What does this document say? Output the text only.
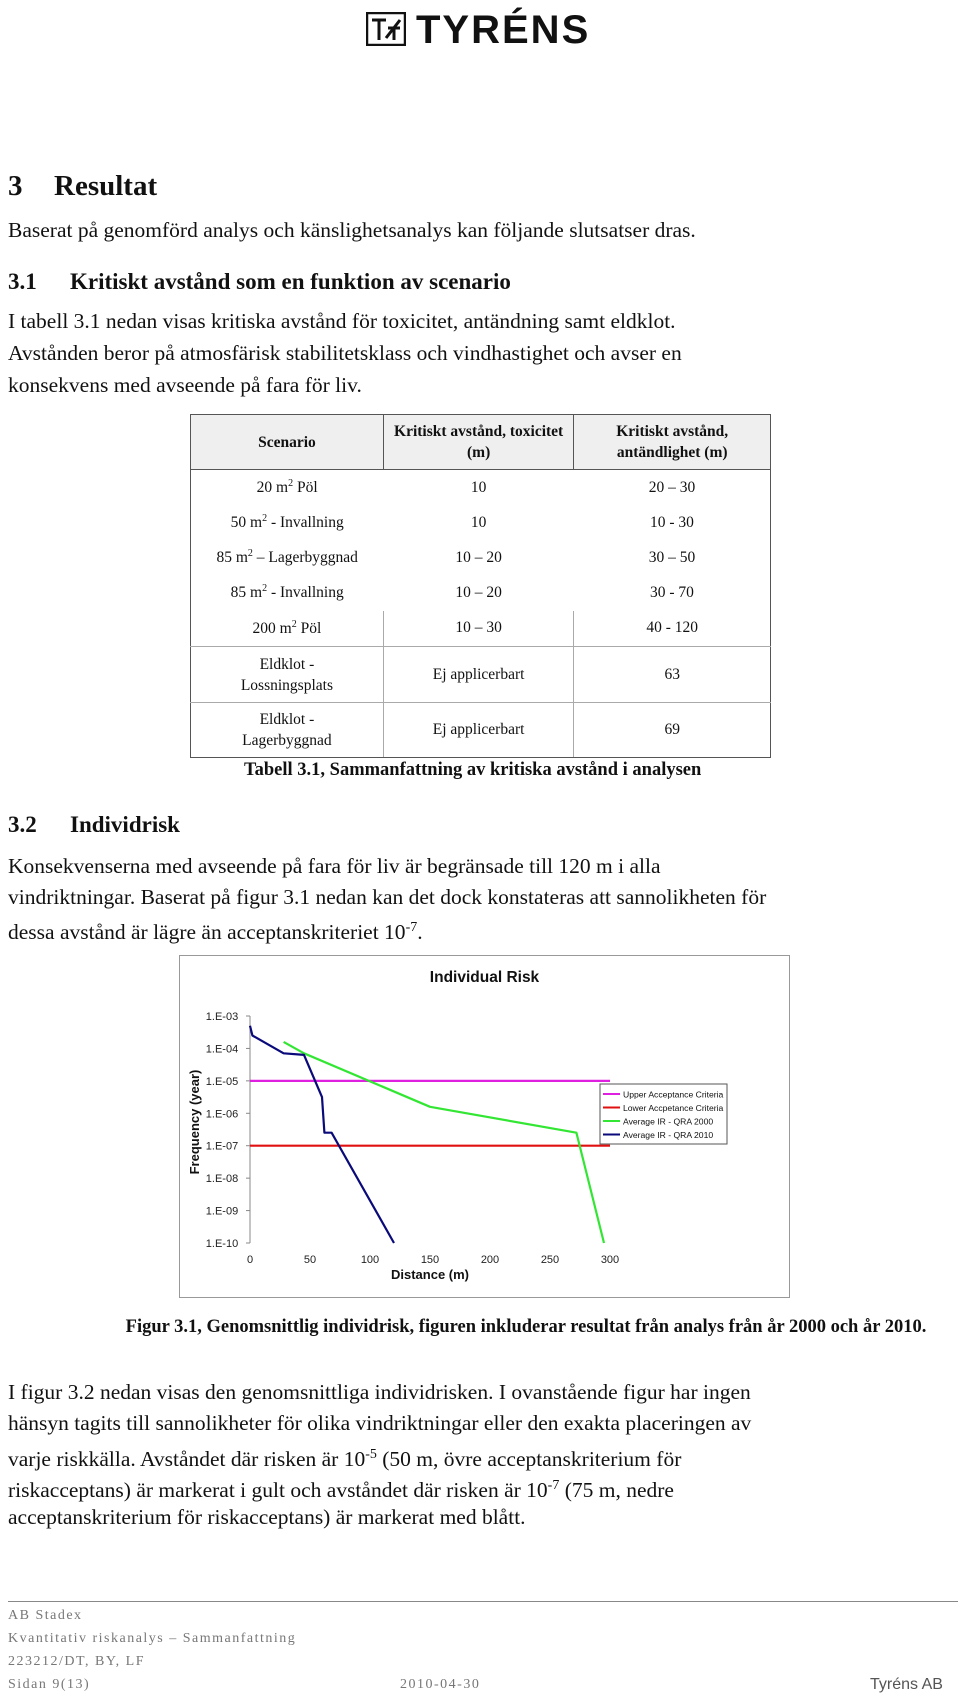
TYRÉNS
3 Resultat

Baserat på genomförd analys och känslighetsanalys kan följande slutsatser dras.

3.1 Kritiskt avstånd som en funktion av scenario

I tabell 3.1 nedan visas kritiska avstånd för toxicitet, antändning samt eldklot.

Avstånden beror på atmosfärisk stabilitetsklass och vindhastighet och avser en

konsekvens med avseende på fara för liv.

Scenario	Kritiskt avstånd, toxicitet (m)	Kritiskt avstånd, antändlighet (m)
20 $m^2$ Pöl	10	20 – 30
50 $m^2$ - Invallning	10	10 - 30
85 $m^2$ – Lagerbyggnad	10 – 20	30 – 50
85 $m^2$ - Invallning	10 – 20	30 - 70
200 $m^2$ Pöl	10 – 30	40 - 120
Eldklot - Lossningsplats	Ej applicerbart	63
Eldklot - Lagerbyggnad	Ej applicerbart	69
Tabell 3.1, Sammanfattning av kritiska avstånd i analysen
3.2 Individrisk

Konsekvenserna med avseende på fara för liv är begränsade till 120 m i alla

vindriktningar. Baserat på figur 3.1 nedan kan det dock konstateras att sannolikheten för

dessa avstånd är lägre än acceptanskriteriet $10^{-7}$.

Individual Risk
Frequency (year)
Distance (m)
1.E-03
1.E-04
1.E-05
1.E-06
1.E-07
1.E-08
1.E-09
1.E-10
0	50	100	150	200	250	300
Upper Acceptance Criteria
Lower Accpetance Criteria
Average IR - QRA 2000
Average IR - QRA 2010
Figur 3.1, Genomsnittlig individrisk, figuren inkluderar resultat från analys från år 2000 och år 2010.

I figur 3.2 nedan visas den genomsnittliga individrisken. I ovanstående figur har ingen

hänsyn tagits till sannolikheter för olika vindriktningar eller den exakta placeringen av

varje riskkälla. Avståndet där risken är $10^{-5}$ (50 m, övre acceptanskriterium för

riskacceptans) är markerat i gult och avståndet där risken är $10^{-7}$ (75 m, nedre

acceptanskriterium för riskacceptans) är markerat med blått.

AB Stadex
Kvantitativ riskanalys – Sammanfattning
223212/DT, BY, LF
Sidan 9(13)	2010-04-30	Tyréns AB
